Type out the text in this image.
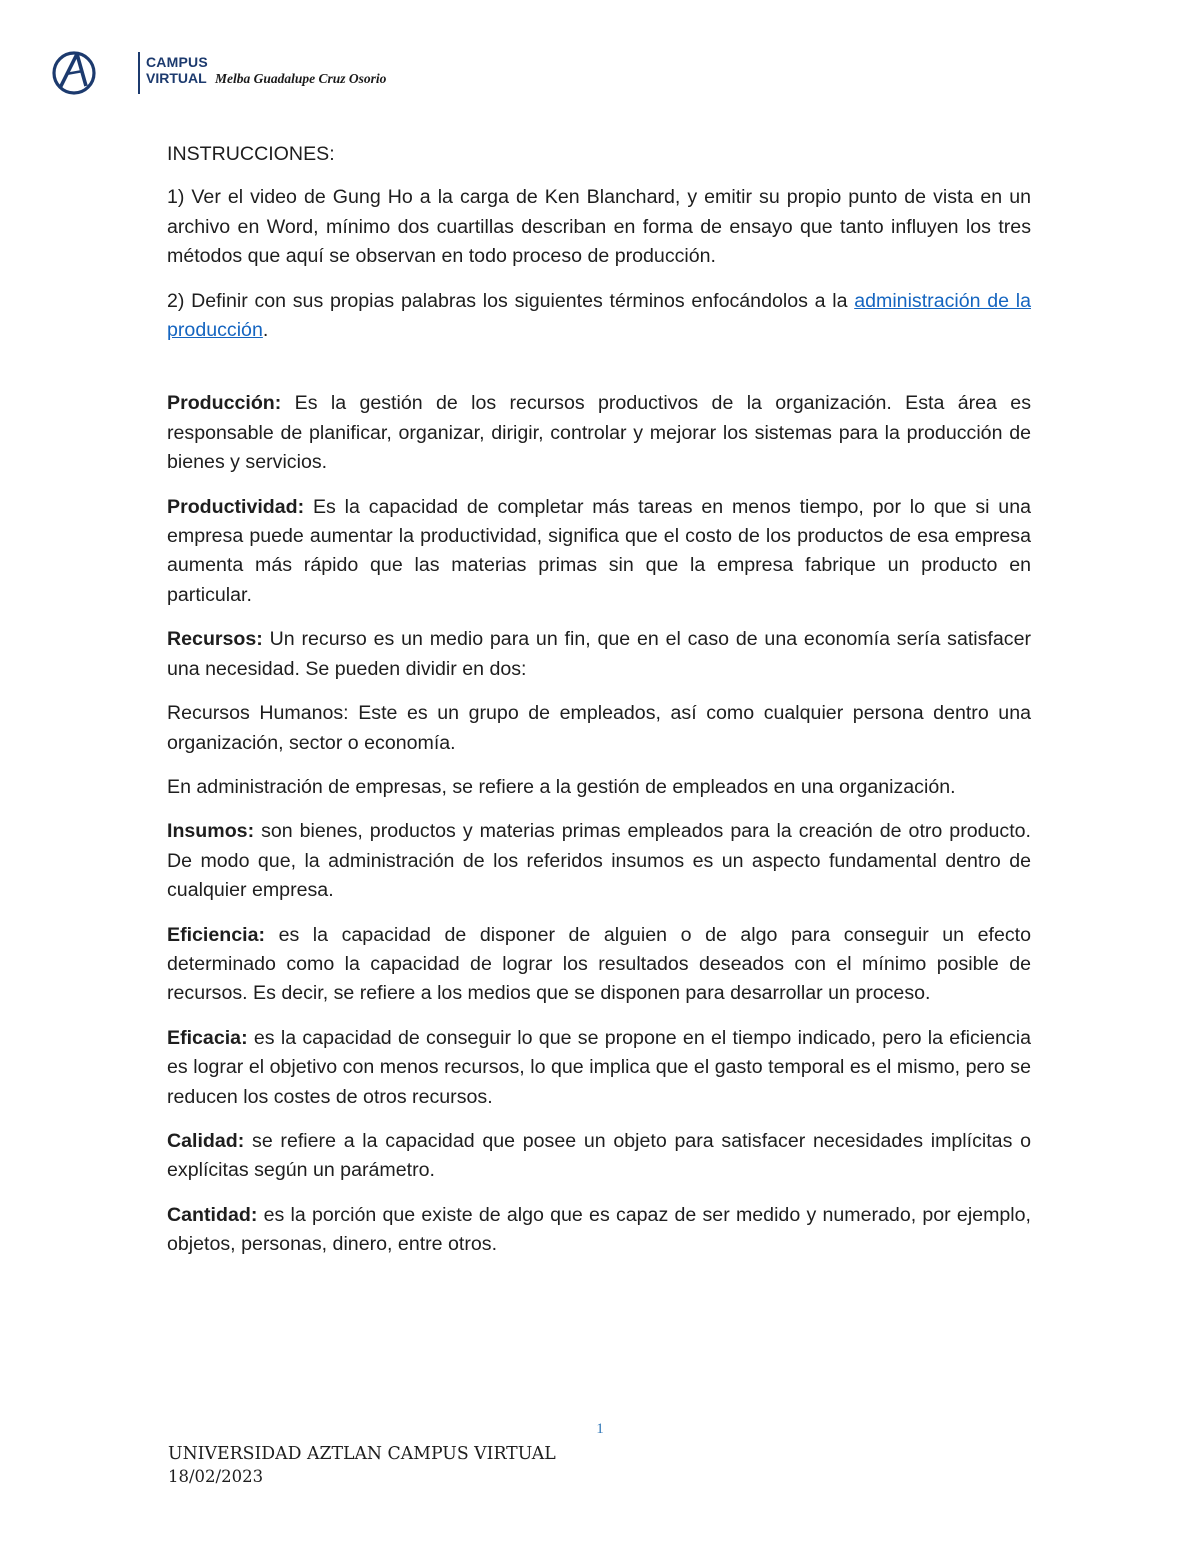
CAMPUS
VIRTUAL Melba Guadalupe Cruz Osorio

INSTRUCCIONES:

1) Ver el video de Gung Ho a la carga de Ken Blanchard, y emitir su propio punto de vista en un archivo en Word, mínimo dos cuartillas describan en forma de ensayo que tanto influyen los tres métodos que aquí se observan en todo proceso de producción.

2) Definir con sus propias palabras los siguientes términos enfocándolos a la administración de la producción.

Producción: Es la gestión de los recursos productivos de la organización. Esta área es responsable de planificar, organizar, dirigir, controlar y mejorar los sistemas para la producción de bienes y servicios.

Productividad: Es la capacidad de completar más tareas en menos tiempo, por lo que si una empresa puede aumentar la productividad, significa que el costo de los productos de esa empresa aumenta más rápido que las materias primas sin que la empresa fabrique un producto en particular.

Recursos: Un recurso es un medio para un fin, que en el caso de una economía sería satisfacer una necesidad. Se pueden dividir en dos:

Recursos Humanos: Este es un grupo de empleados, así como cualquier persona dentro una organización, sector o economía.

En administración de empresas, se refiere a la gestión de empleados en una organización.

Insumos: son bienes, productos y materias primas empleados para la creación de otro producto. De modo que, la administración de los referidos insumos es un aspecto fundamental dentro de cualquier empresa.

Eficiencia: es la capacidad de disponer de alguien o de algo para conseguir un efecto determinado como la capacidad de lograr los resultados deseados con el mínimo posible de recursos. Es decir, se refiere a los medios que se disponen para desarrollar un proceso.

Eficacia: es la capacidad de conseguir lo que se propone en el tiempo indicado, pero la eficiencia es lograr el objetivo con menos recursos, lo que implica que el gasto temporal es el mismo, pero se reducen los costes de otros recursos.

Calidad: se refiere a la capacidad que posee un objeto para satisfacer necesidades implícitas o explícitas según un parámetro.

Cantidad: es la porción que existe de algo que es capaz de ser medido y numerado, por ejemplo, objetos, personas, dinero, entre otros.

1
UNIVERSIDAD AZTLAN CAMPUS VIRTUAL
18/02/2023
